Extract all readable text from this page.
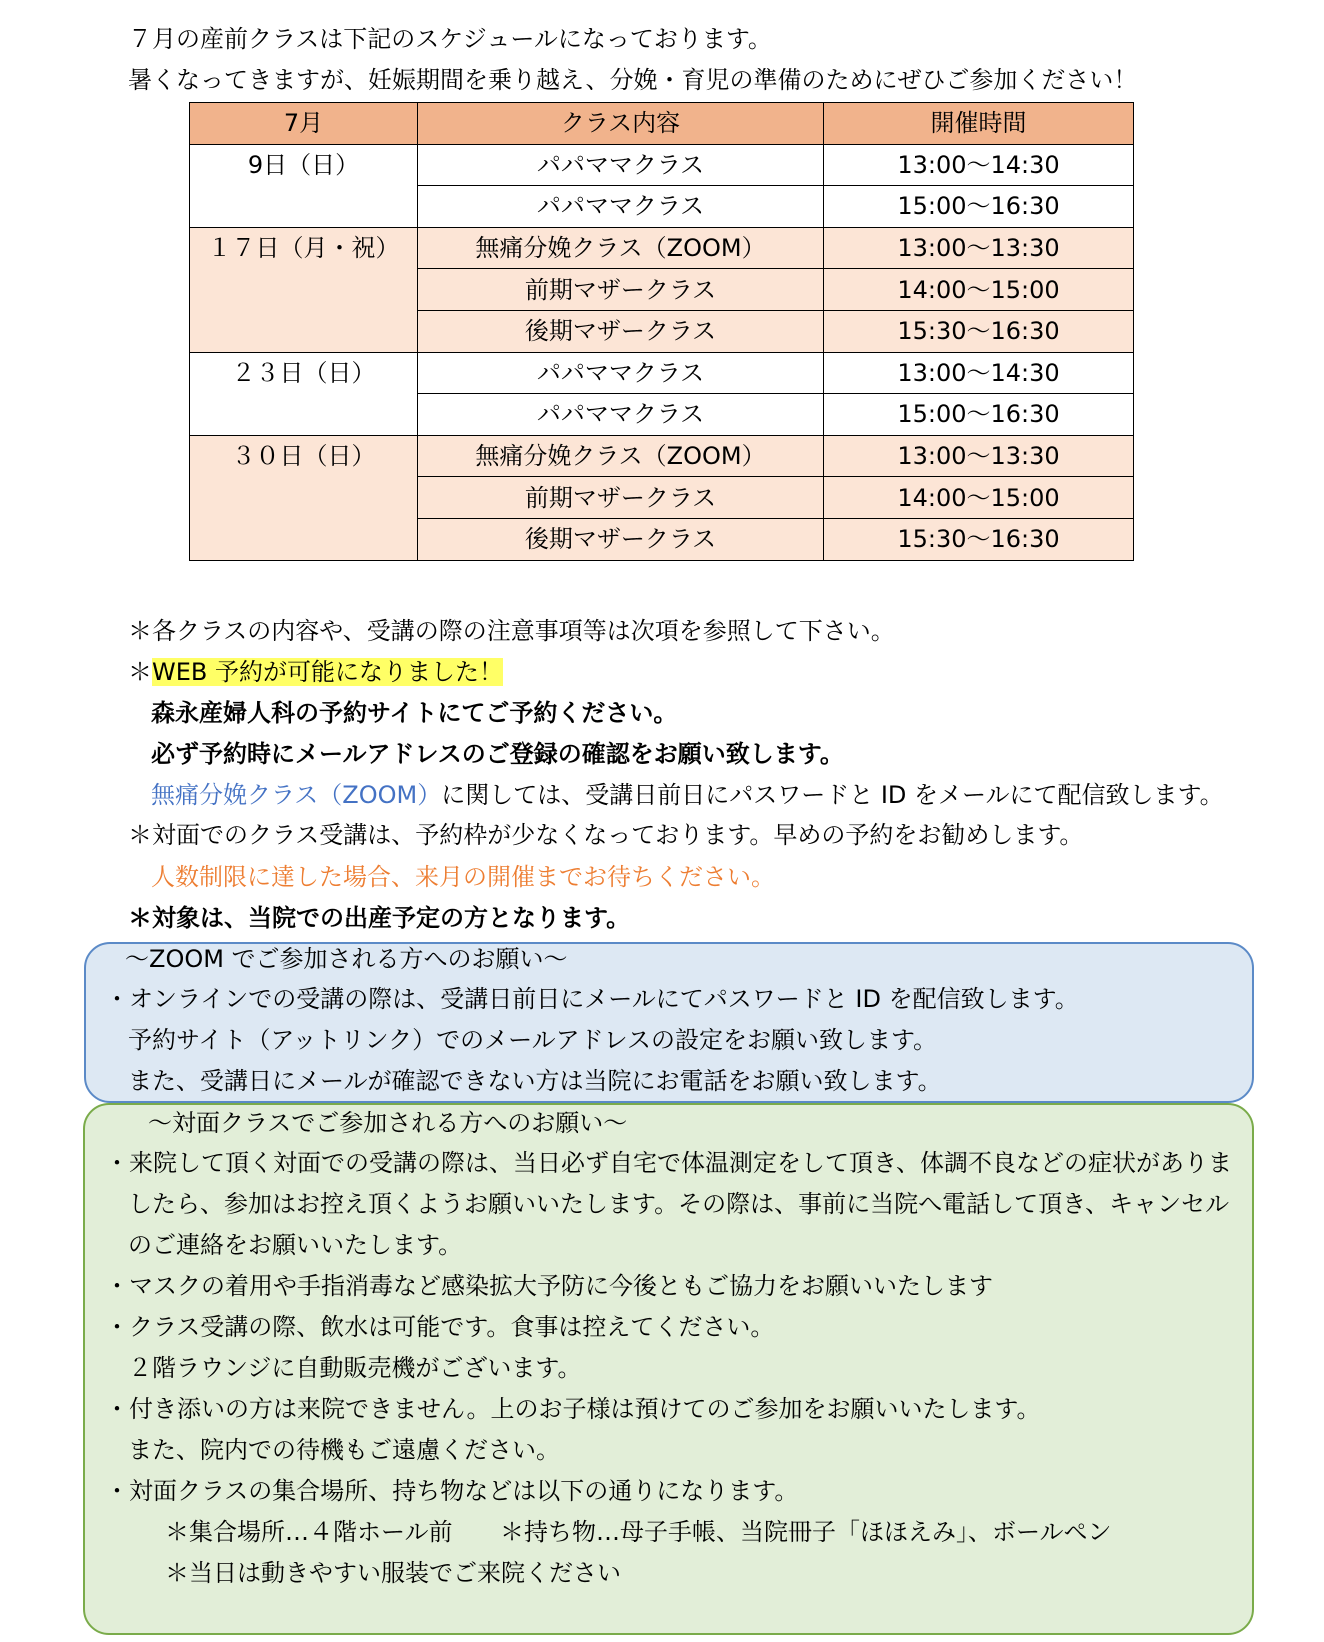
７月の産前クラスは下記のスケジュールになっております。
暑くなってきますが、妊娠期間を乗り越え、分娩・育児の準備のためにぜひご参加ください！
7月	クラス内容	開催時間
9日（日）	パパママクラス	13:00〜14:30
	パパママクラス	15:00〜16:30
１７日（月・祝）	無痛分娩クラス（ZOOM）	13:00〜13:30
	前期マザークラス	14:00〜15:00
	後期マザークラス	15:30〜16:30
２３日（日）	パパママクラス	13:00〜14:30
	パパママクラス	15:00〜16:30
３０日（日）	無痛分娩クラス（ZOOM）	13:00〜13:30
	前期マザークラス	14:00〜15:00
	後期マザークラス	15:30〜16:30
＊各クラスの内容や、受講の際の注意事項等は次項を参照して下さい。
＊WEB 予約が可能になりました！
森永産婦人科の予約サイトにてご予約ください。
必ず予約時にメールアドレスのご登録の確認をお願い致します。
無痛分娩クラス（ZOOM）に関しては、受講日前日にパスワードと ID をメールにて配信致します。
＊対面でのクラス受講は、予約枠が少なくなっております。早めの予約をお勧めします。
人数制限に達した場合、来月の開催までお待ちください。
＊対象は、当院での出産予定の方となります。
〜ZOOM でご参加される方へのお願い〜
・オンラインでの受講の際は、受講日前日にメールにてパスワードと ID を配信致します。
予約サイト（アットリンク）でのメールアドレスの設定をお願い致します。
また、受講日にメールが確認できない方は当院にお電話をお願い致します。
〜対面クラスでご参加される方へのお願い〜
・来院して頂く対面での受講の際は、当日必ず自宅で体温測定をして頂き、体調不良などの症状がありま
したら、参加はお控え頂くようお願いいたします。その際は、事前に当院へ電話して頂き、キャンセル
のご連絡をお願いいたします。
・マスクの着用や手指消毒など感染拡大予防に今後ともご協力をお願いいたします
・クラス受講の際、飲水は可能です。食事は控えてください。
２階ラウンジに自動販売機がございます。
・付き添いの方は来院できません。上のお子様は預けてのご参加をお願いいたします。
また、院内での待機もご遠慮ください。
・対面クラスの集合場所、持ち物などは以下の通りになります。
＊集合場所…４階ホール前 ＊持ち物…母子手帳、当院冊子「ほほえみ」、ボールペン
＊当日は動きやすい服装でご来院ください
